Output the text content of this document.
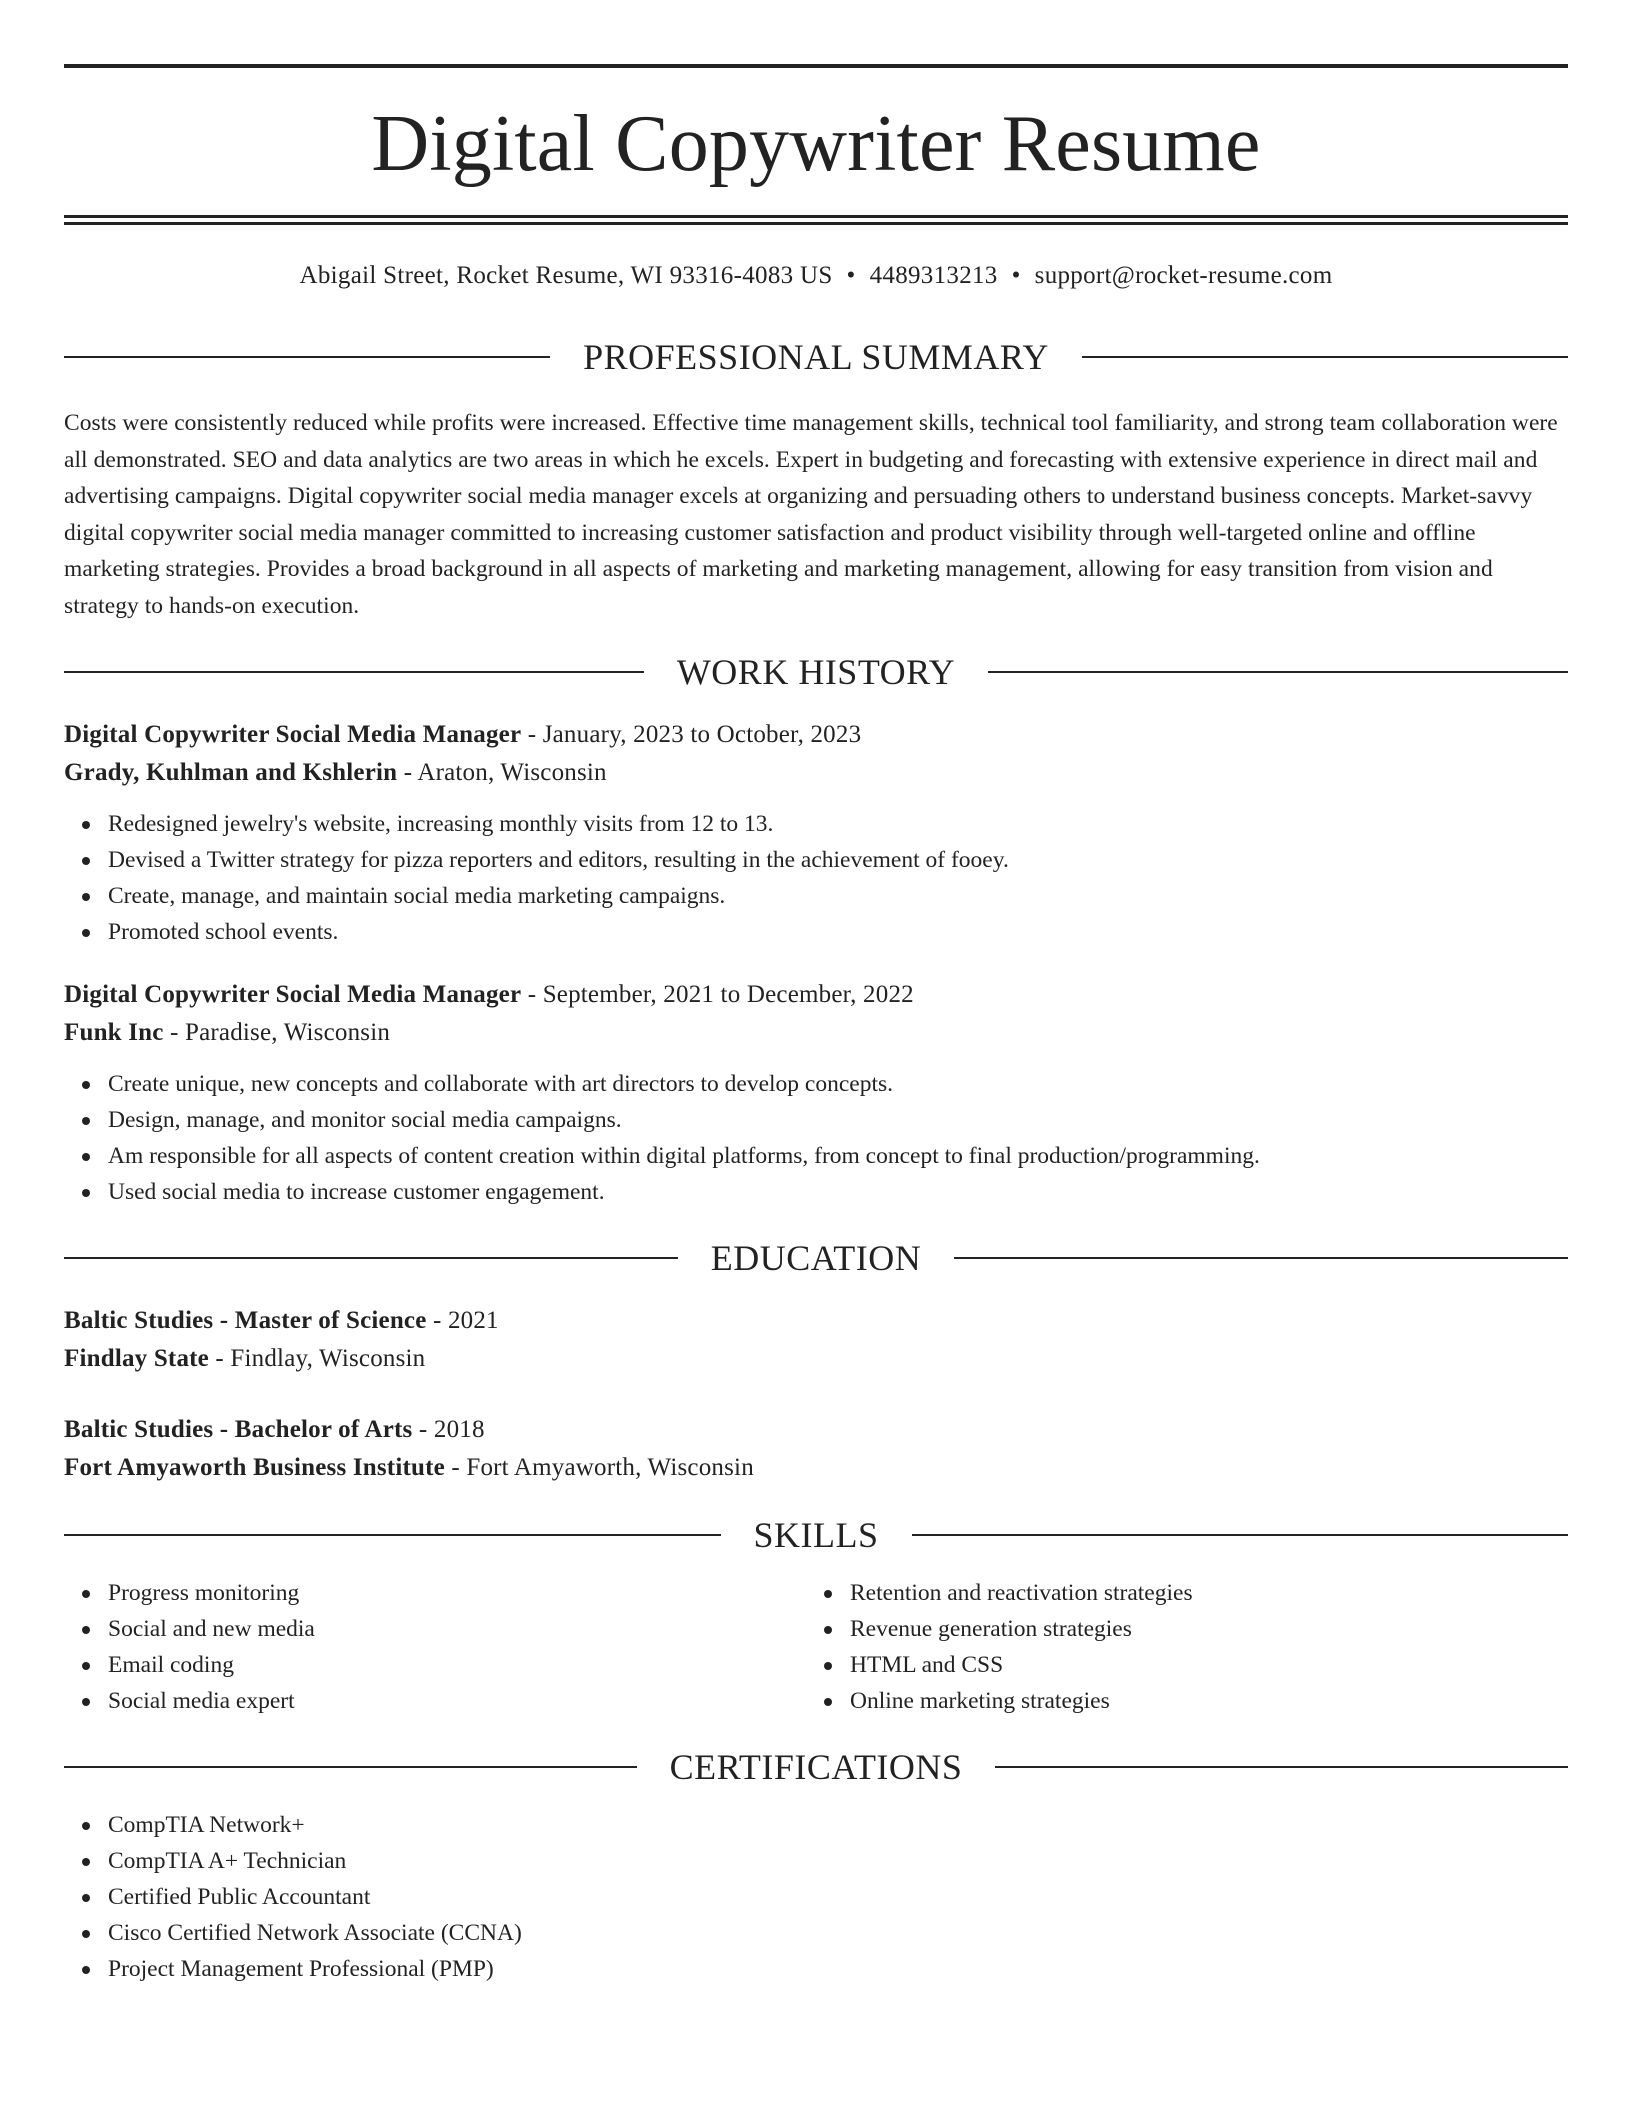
Digital Copywriter Resume
Abigail Street, Rocket Resume, WI 93316-4083 US • 4489313213 • support@rocket-resume.com
PROFESSIONAL SUMMARY
Costs were consistently reduced while profits were increased. Effective time management skills, technical tool familiarity, and strong team collaboration were all demonstrated. SEO and data analytics are two areas in which he excels. Expert in budgeting and forecasting with extensive experience in direct mail and advertising campaigns. Digital copywriter social media manager excels at organizing and persuading others to understand business concepts. Market-savvy digital copywriter social media manager committed to increasing customer satisfaction and product visibility through well-targeted online and offline marketing strategies. Provides a broad background in all aspects of marketing and marketing management, allowing for easy transition from vision and strategy to hands-on execution.
WORK HISTORY
Digital Copywriter Social Media Manager - January, 2023 to October, 2023
Grady, Kuhlman and Kshlerin - Araton, Wisconsin
Redesigned jewelry's website, increasing monthly visits from 12 to 13.
Devised a Twitter strategy for pizza reporters and editors, resulting in the achievement of fooey.
Create, manage, and maintain social media marketing campaigns.
Promoted school events.
Digital Copywriter Social Media Manager - September, 2021 to December, 2022
Funk Inc - Paradise, Wisconsin
Create unique, new concepts and collaborate with art directors to develop concepts.
Design, manage, and monitor social media campaigns.
Am responsible for all aspects of content creation within digital platforms, from concept to final production/programming.
Used social media to increase customer engagement.
EDUCATION
Baltic Studies - Master of Science - 2021
Findlay State - Findlay, Wisconsin
Baltic Studies - Bachelor of Arts - 2018
Fort Amyaworth Business Institute - Fort Amyaworth, Wisconsin
SKILLS
Progress monitoring
Social and new media
Email coding
Social media expert
Retention and reactivation strategies
Revenue generation strategies
HTML and CSS
Online marketing strategies
CERTIFICATIONS
CompTIA Network+
CompTIA A+ Technician
Certified Public Accountant
Cisco Certified Network Associate (CCNA)
Project Management Professional (PMP)
